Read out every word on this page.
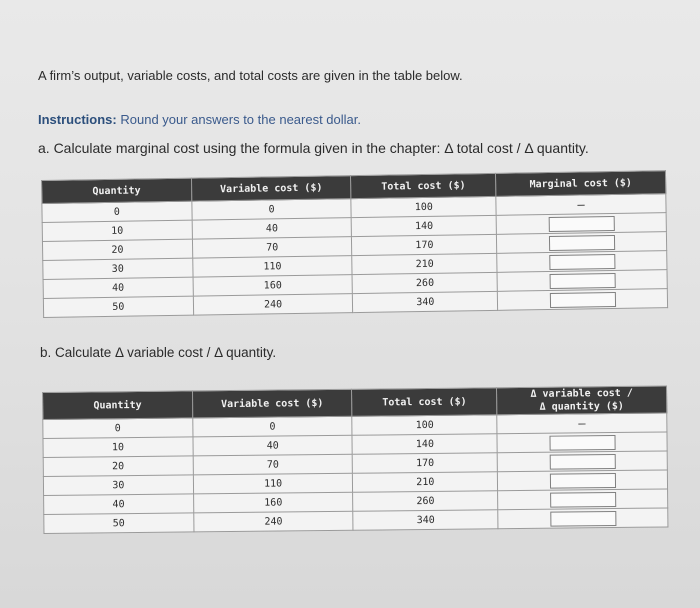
A firm’s output, variable costs, and total costs are given in the table below.
Instructions: Round your answers to the nearest dollar.
a. Calculate marginal cost using the formula given in the chapter: Δ total cost / Δ quantity.
Quantity	Variable cost ($)	Total cost ($)	Marginal cost ($)
0	0	100	–
10	40	140	
20	70	170	
30	110	210	
40	160	260	
50	240	340	
b. Calculate Δ variable cost / Δ quantity.
Quantity	Variable cost ($)	Total cost ($)	Δ variable cost /
Δ quantity ($)
0	0	100	–
10	40	140	
20	70	170	
30	110	210	
40	160	260	
50	240	340	
